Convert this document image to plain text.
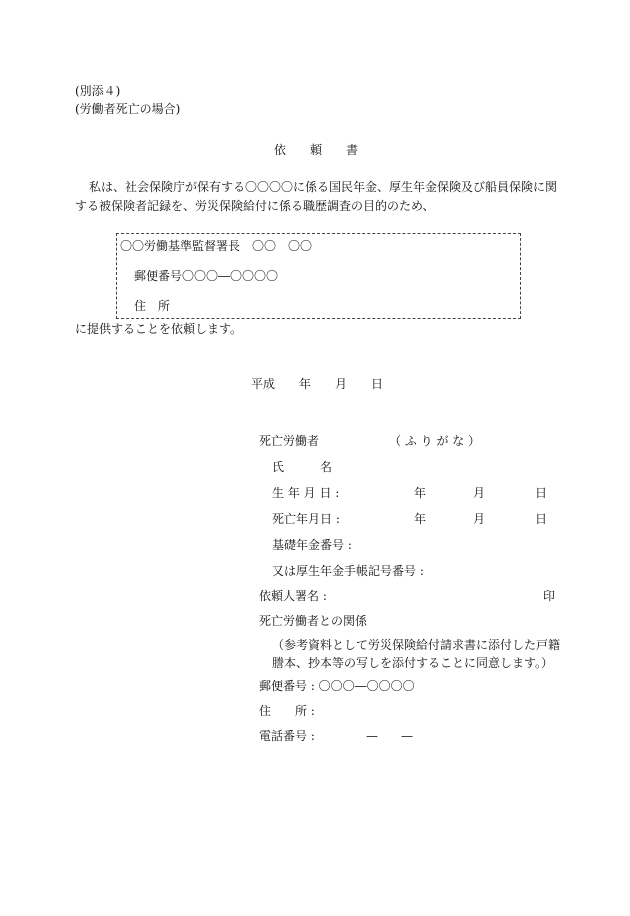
(別添４)
(労働者死亡の場合)
依 頼 書
私は、社会保険庁が保有する〇〇〇〇に係る国民年金、厚生年金保険及び船員保険に関
する被保険者記録を、労災保険給付に係る職歴調査の目的のため、
〇〇労働基準監督署長　〇〇　〇〇
郵便番号〇〇〇―〇〇〇〇
住　所
に提供することを依頼します。
平成 年 月 日
死亡労働者	（ ふ り が な ）
氏	名
生 年 月 日 :	年	月	日
死亡年月日 :	年	月	日
基礎年金番号 :
又は厚生年金手帳記号番号 :
依頼人署名 :	印
死亡労働者との関係
（参考資料として労災保険給付請求書に添付した戸籍
謄本、抄本等の写しを添付することに同意します。）
郵便番号 : 〇〇〇―〇〇〇〇
住　　所 :
電話番号 :	— —
